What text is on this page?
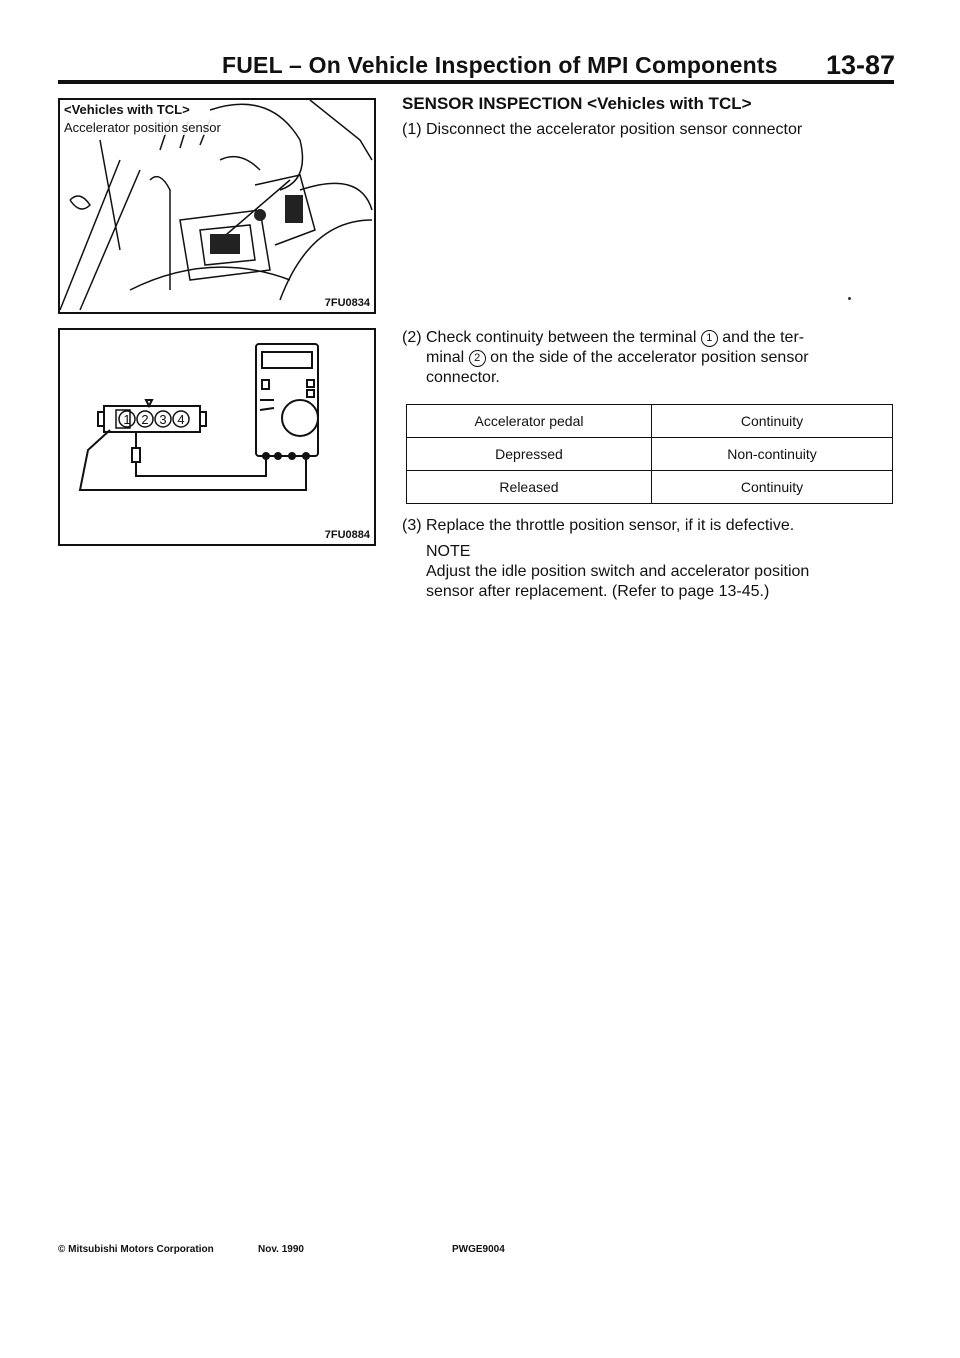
FUEL – On Vehicle Inspection of MPI Components 13-87
<Vehicles with TCL>
Accelerator position sensor
7FU0834
1 2 3 4
7FU0884
SENSOR INSPECTION <Vehicles with TCL>
(1) Disconnect the accelerator position sensor connector
(2) Check continuity between the terminal 1 and the ter-
minal 2 on the side of the accelerator position sensor
connector.
Accelerator pedal	Continuity
Depressed	Non-continuity
Released	Continuity
(3) Replace the throttle position sensor, if it is defective.
NOTE
Adjust the idle position switch and accelerator position
sensor after replacement. (Refer to page 13-45.)
© Mitsubishi Motors Corporation	Nov. 1990	PWGE9004
